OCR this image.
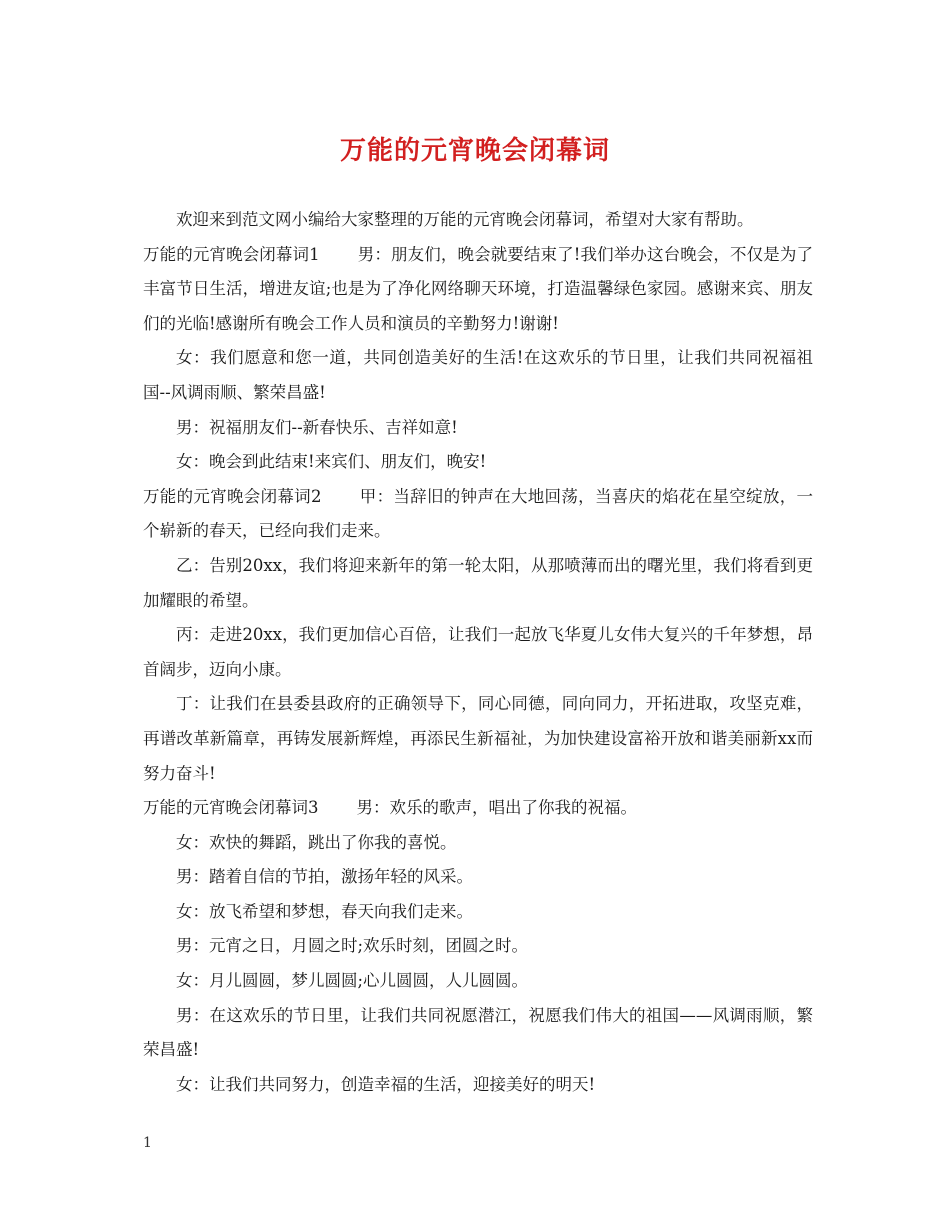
万能的元宵晚会闭幕词

欢迎来到范文网小编给大家整理的万能的元宵晚会闭幕词，希望对大家有帮助。

万能的元宵晚会闭幕词1 男：朋友们，晚会就要结束了!我们举办这台晚会，不仅是为了丰富节日生活，增进友谊;也是为了净化网络聊天环境，打造温馨绿色家园。感谢来宾、朋友们的光临!感谢所有晚会工作人员和演员的辛勤努力!谢谢!

女：我们愿意和您一道，共同创造美好的生活!在这欢乐的节日里，让我们共同祝福祖国--风调雨顺、繁荣昌盛!

男：祝福朋友们--新春快乐、吉祥如意!

女：晚会到此结束!来宾们、朋友们，晚安!

万能的元宵晚会闭幕词2 甲：当辞旧的钟声在大地回荡，当喜庆的焰花在星空绽放，一个崭新的春天，已经向我们走来。

乙：告别20xx，我们将迎来新年的第一轮太阳，从那喷薄而出的曙光里，我们将看到更加耀眼的希望。

丙：走进20xx，我们更加信心百倍，让我们一起放飞华夏儿女伟大复兴的千年梦想，昂首阔步，迈向小康。

丁：让我们在县委县政府的正确领导下，同心同德，同向同力，开拓进取，攻坚克难，再谱改革新篇章，再铸发展新辉煌，再添民生新福祉，为加快建设富裕开放和谐美丽新xx而努力奋斗!

万能的元宵晚会闭幕词3 男：欢乐的歌声，唱出了你我的祝福。

女：欢快的舞蹈，跳出了你我的喜悦。

男：踏着自信的节拍，激扬年轻的风采。

女：放飞希望和梦想，春天向我们走来。

男：元宵之日，月圆之时;欢乐时刻，团圆之时。

女：月儿圆圆，梦儿圆圆;心儿圆圆，人儿圆圆。

男：在这欢乐的节日里，让我们共同祝愿潜江，祝愿我们伟大的祖国——风调雨顺，繁荣昌盛!

女：让我们共同努力，创造幸福的生活，迎接美好的明天!

1
